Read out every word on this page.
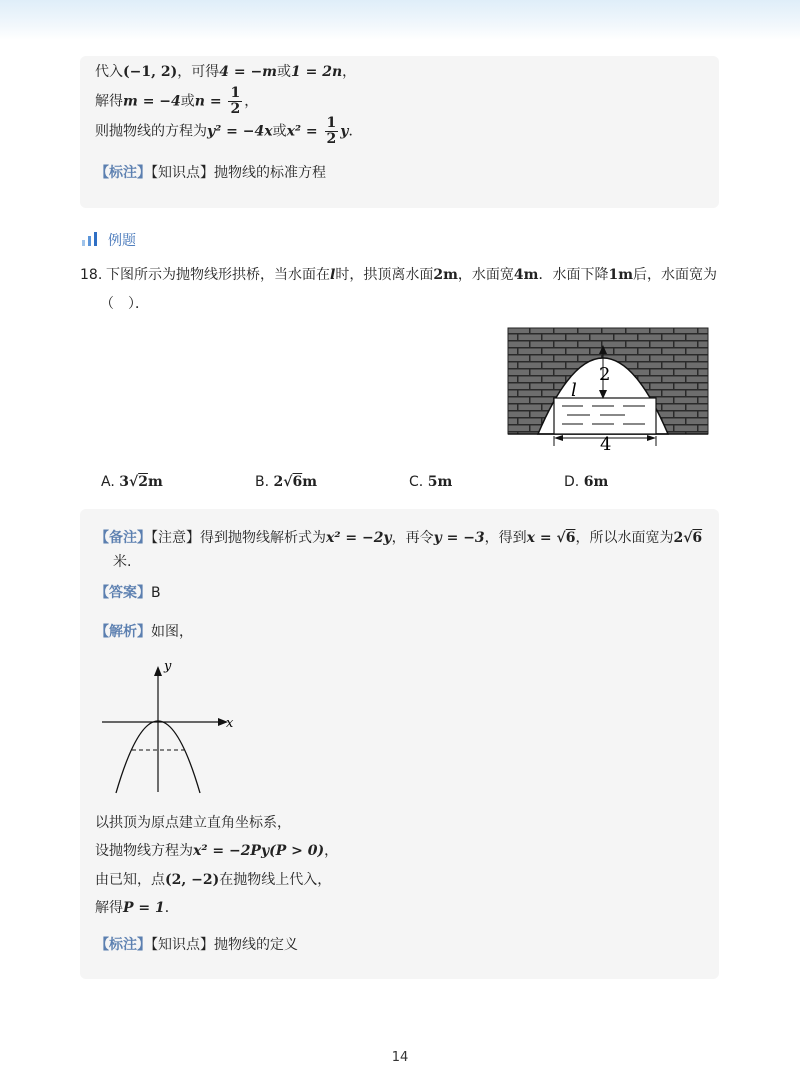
代入(−1, 2)，可得4 = −m或1 = 2n，
解得m = −4或$n = \frac{1}{2}$ ，
则抛物线的方程为y² = −4x或$x^2 = \frac{1}{2}$ y．
【标注】【知识点】抛物线的标准方程
例题
18. 下图所示为抛物线形拱桥，当水面在l时，拱顶离水面2m，水面宽4m．水面下降1m后，水面宽为
（　）．
2
l
4
A. 3√2m	B. 2√6m	C. 5m	D. 6m
【备注】【注意】得到抛物线解析式为x² = −2y，再令y = −3，得到x = √6，所以水面宽为2√6
米.
【答案】B
【解析】如图，
x
y
以拱顶为原点建立直角坐标系，
设抛物线方程为x² = −2Py(P > 0)，
由已知，点(2, −2)在抛物线上代入，
解得P = 1．
【标注】【知识点】抛物线的定义
14
